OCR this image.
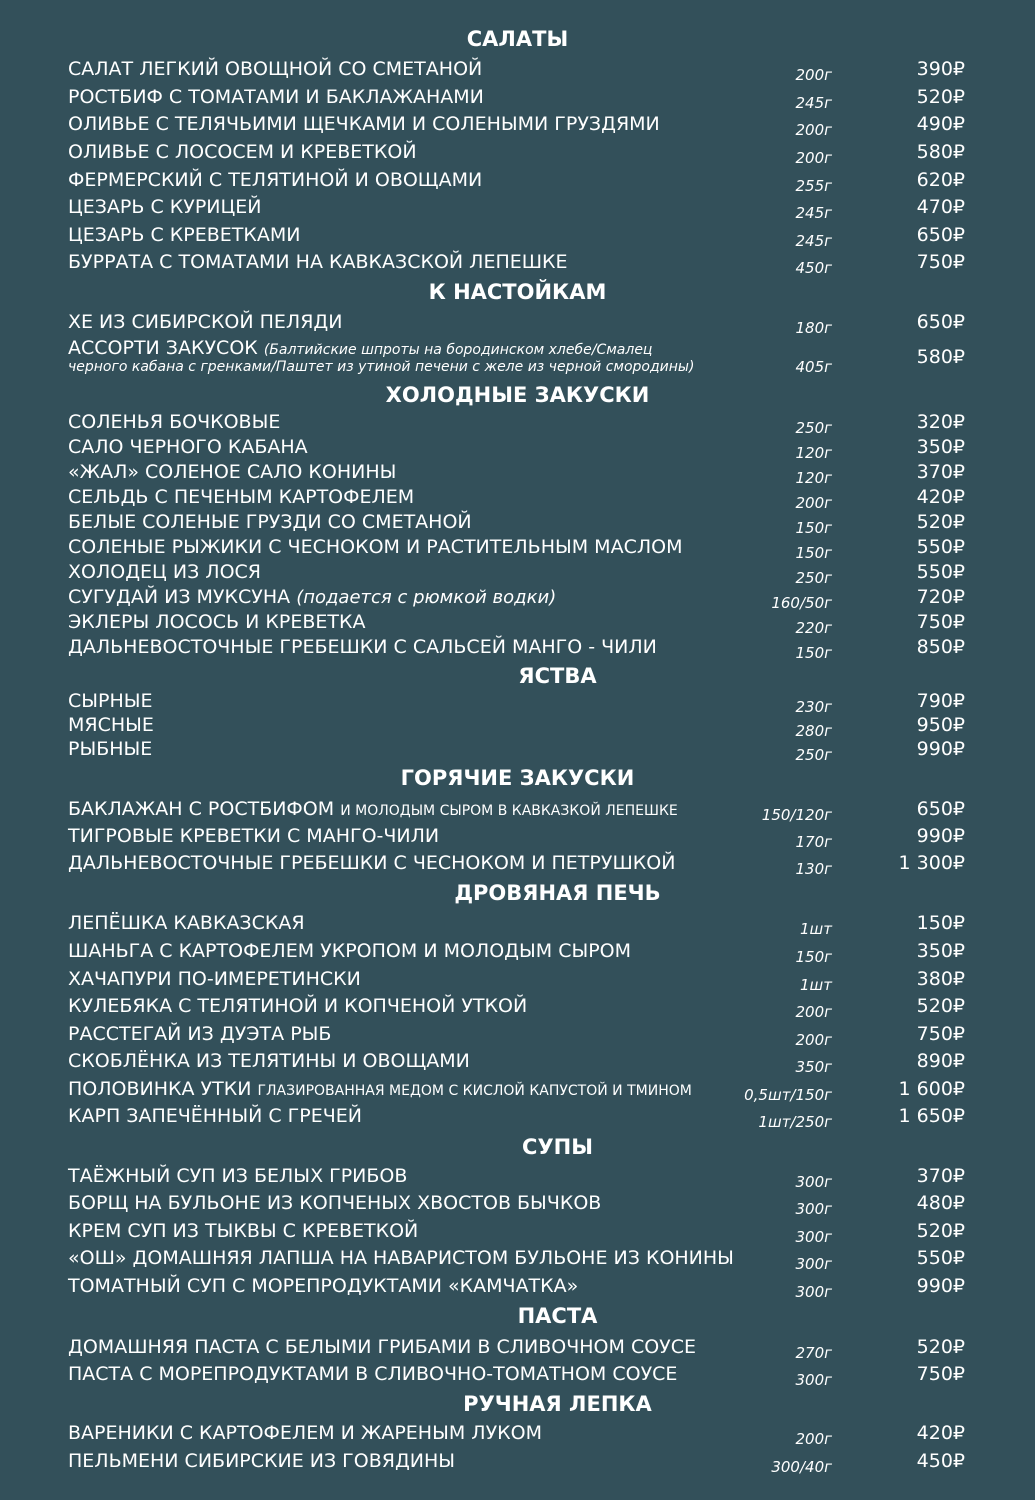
САЛАТЫ
САЛАТ ЛЕГКИЙ ОВОЩНОЙ СО СМЕТАНОЙ	200г	390₽
РОСТБИФ С ТОМАТАМИ И БАКЛАЖАНАМИ	245г	520₽
ОЛИВЬЕ С ТЕЛЯЧЬИМИ ЩЕЧКАМИ И СОЛЕНЫМИ ГРУЗДЯМИ	200г	490₽
ОЛИВЬЕ С ЛОСОСЕМ И КРЕВЕТКОЙ	200г	580₽
ФЕРМЕРСКИЙ С ТЕЛЯТИНОЙ И ОВОЩАМИ	255г	620₽
ЦЕЗАРЬ С КУРИЦЕЙ	245г	470₽
ЦЕЗАРЬ С КРЕВЕТКАМИ	245г	650₽
БУРРАТА С ТОМАТАМИ НА КАВКАЗСКОЙ ЛЕПЕШКЕ	450г	750₽
К НАСТОЙКАМ
ХЕ ИЗ СИБИРСКОЙ ПЕЛЯДИ	180г	650₽
АССОРТИ ЗАКУСОК (Балтийские шпроты на бородинском хлебе/Смалец
черного кабана с гренками/Паштет из утиной печени с желе из черной смородины)	405г	580₽
ХОЛОДНЫЕ ЗАКУСКИ
СОЛЕНЬЯ БОЧКОВЫЕ	250г	320₽
САЛО ЧЕРНОГО КАБАНА	120г	350₽
«ЖАЛ» СОЛЕНОЕ САЛО КОНИНЫ	120г	370₽
СЕЛЬДЬ С ПЕЧЕНЫМ КАРТОФЕЛЕМ	200г	420₽
БЕЛЫЕ СОЛЕНЫЕ ГРУЗДИ СО СМЕТАНОЙ	150г	520₽
СОЛЕНЫЕ РЫЖИКИ С ЧЕСНОКОМ И РАСТИТЕЛЬНЫМ МАСЛОМ	150г	550₽
ХОЛОДЕЦ ИЗ ЛОСЯ	250г	550₽
СУГУДАЙ ИЗ МУКСУНА (подается с рюмкой водки)	160/50г	720₽
ЭКЛЕРЫ ЛОСОСЬ И КРЕВЕТКА	220г	750₽
ДАЛЬНЕВОСТОЧНЫЕ ГРЕБЕШКИ С САЛЬСЕЙ МАНГО - ЧИЛИ	150г	850₽
ЯСТВА
СЫРНЫЕ	230г	790₽
МЯСНЫЕ	280г	950₽
РЫБНЫЕ	250г	990₽
ГОРЯЧИЕ ЗАКУСКИ
БАКЛАЖАН С РОСТБИФОМ И МОЛОДЫМ СЫРОМ В КАВКАЗКОЙ ЛЕПЕШКЕ	150/120г	650₽
ТИГРОВЫЕ КРЕВЕТКИ С МАНГО-ЧИЛИ	170г	990₽
ДАЛЬНЕВОСТОЧНЫЕ ГРЕБЕШКИ С ЧЕСНОКОМ И ПЕТРУШКОЙ	130г	1 300₽
ДРОВЯНАЯ ПЕЧЬ
ЛЕПЁШКА КАВКАЗСКАЯ	1шт	150₽
ШАНЬГА С КАРТОФЕЛЕМ УКРОПОМ И МОЛОДЫМ СЫРОМ	150г	350₽
ХАЧАПУРИ ПО-ИМЕРЕТИНСКИ	1шт	380₽
КУЛЕБЯКА С ТЕЛЯТИНОЙ И КОПЧЕНОЙ УТКОЙ	200г	520₽
РАССТЕГАЙ ИЗ ДУЭТА РЫБ	200г	750₽
СКОБЛЁНКА ИЗ ТЕЛЯТИНЫ И ОВОЩАМИ	350г	890₽
ПОЛОВИНКА УТКИ ГЛАЗИРОВАННАЯ МЕДОМ С КИСЛОЙ КАПУСТОЙ И ТМИНОМ	0,5шт/150г	1 600₽
КАРП ЗАПЕЧЁННЫЙ С ГРЕЧЕЙ	1шт/250г	1 650₽
СУПЫ
ТАЁЖНЫЙ СУП ИЗ БЕЛЫХ ГРИБОВ	300г	370₽
БОРЩ НА БУЛЬОНЕ ИЗ КОПЧЕНЫХ ХВОСТОВ БЫЧКОВ	300г	480₽
КРЕМ СУП ИЗ ТЫКВЫ С КРЕВЕТКОЙ	300г	520₽
«ОШ» ДОМАШНЯЯ ЛАПША НА НАВАРИСТОМ БУЛЬОНЕ ИЗ КОНИНЫ	300г	550₽
ТОМАТНЫЙ СУП С МОРЕПРОДУКТАМИ «КАМЧАТКА»	300г	990₽
ПАСТА
ДОМАШНЯЯ ПАСТА С БЕЛЫМИ ГРИБАМИ В СЛИВОЧНОМ СОУСЕ	270г	520₽
ПАСТА С МОРЕПРОДУКТАМИ В СЛИВОЧНО-ТОМАТНОМ СОУСЕ	300г	750₽
РУЧНАЯ ЛЕПКА
ВАРЕНИКИ С КАРТОФЕЛЕМ И ЖАРЕНЫМ ЛУКОМ	200г	420₽
ПЕЛЬМЕНИ СИБИРСКИЕ ИЗ ГОВЯДИНЫ	300/40г	450₽
